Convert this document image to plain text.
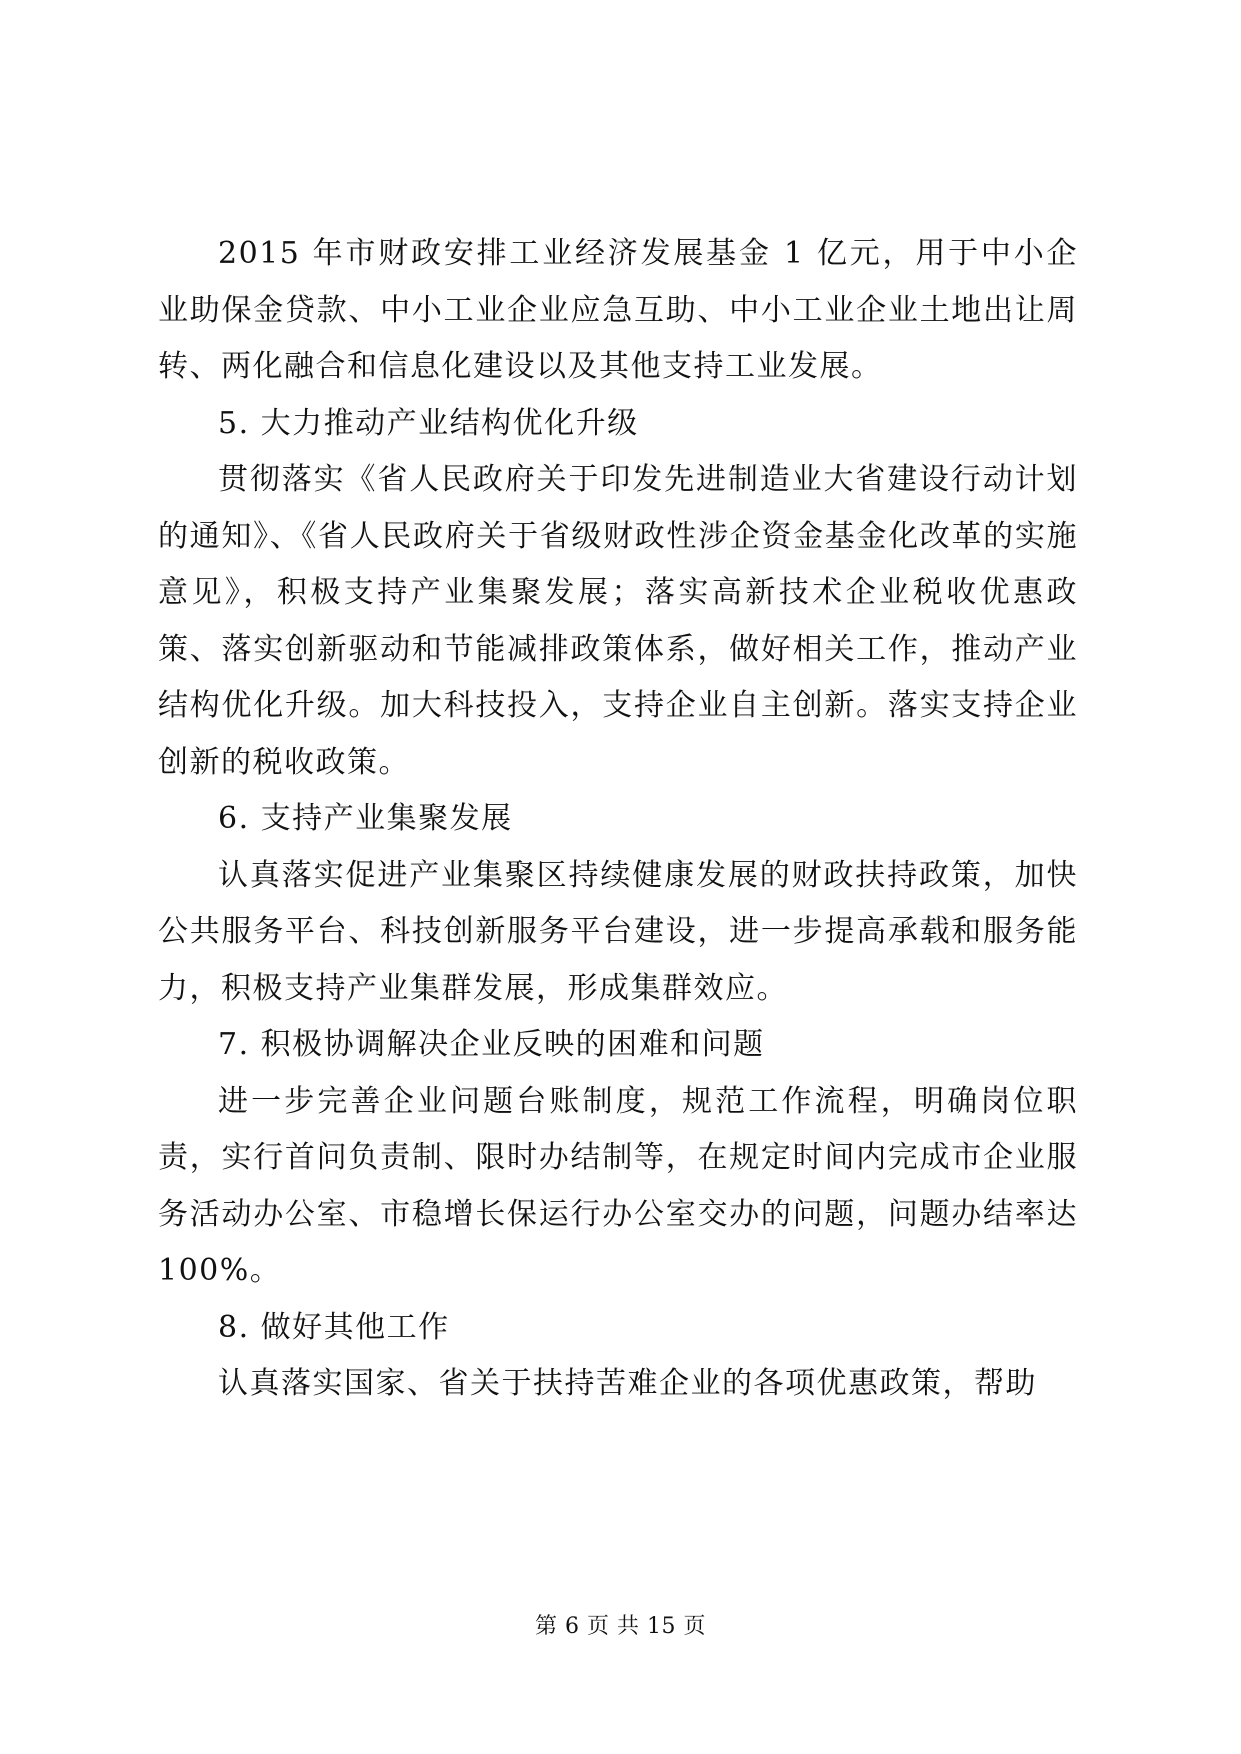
2015 年市财政安排工业经济发展基金 1 亿元，用于中小企业助保金贷款、中小工业企业应急互助、中小工业企业土地出让周转、两化融合和信息化建设以及其他支持工业发展。

5. 大力推动产业结构优化升级

贯彻落实《省人民政府关于印发先进制造业大省建设行动计划的通知》、《省人民政府关于省级财政性涉企资金基金化改革的实施意见》，积极支持产业集聚发展；落实高新技术企业税收优惠政策、落实创新驱动和节能减排政策体系，做好相关工作，推动产业结构优化升级。加大科技投入，支持企业自主创新。落实支持企业创新的税收政策。

6. 支持产业集聚发展

认真落实促进产业集聚区持续健康发展的财政扶持政策，加快公共服务平台、科技创新服务平台建设，进一步提高承载和服务能力，积极支持产业集群发展，形成集群效应。

7. 积极协调解决企业反映的困难和问题

进一步完善企业问题台账制度，规范工作流程，明确岗位职责，实行首问负责制、限时办结制等，在规定时间内完成市企业服务活动办公室、市稳增长保运行办公室交办的问题，问题办结率达 100%。

8. 做好其他工作

认真落实国家、省关于扶持苦难企业的各项优惠政策，帮助

第 6 页 共 15 页
